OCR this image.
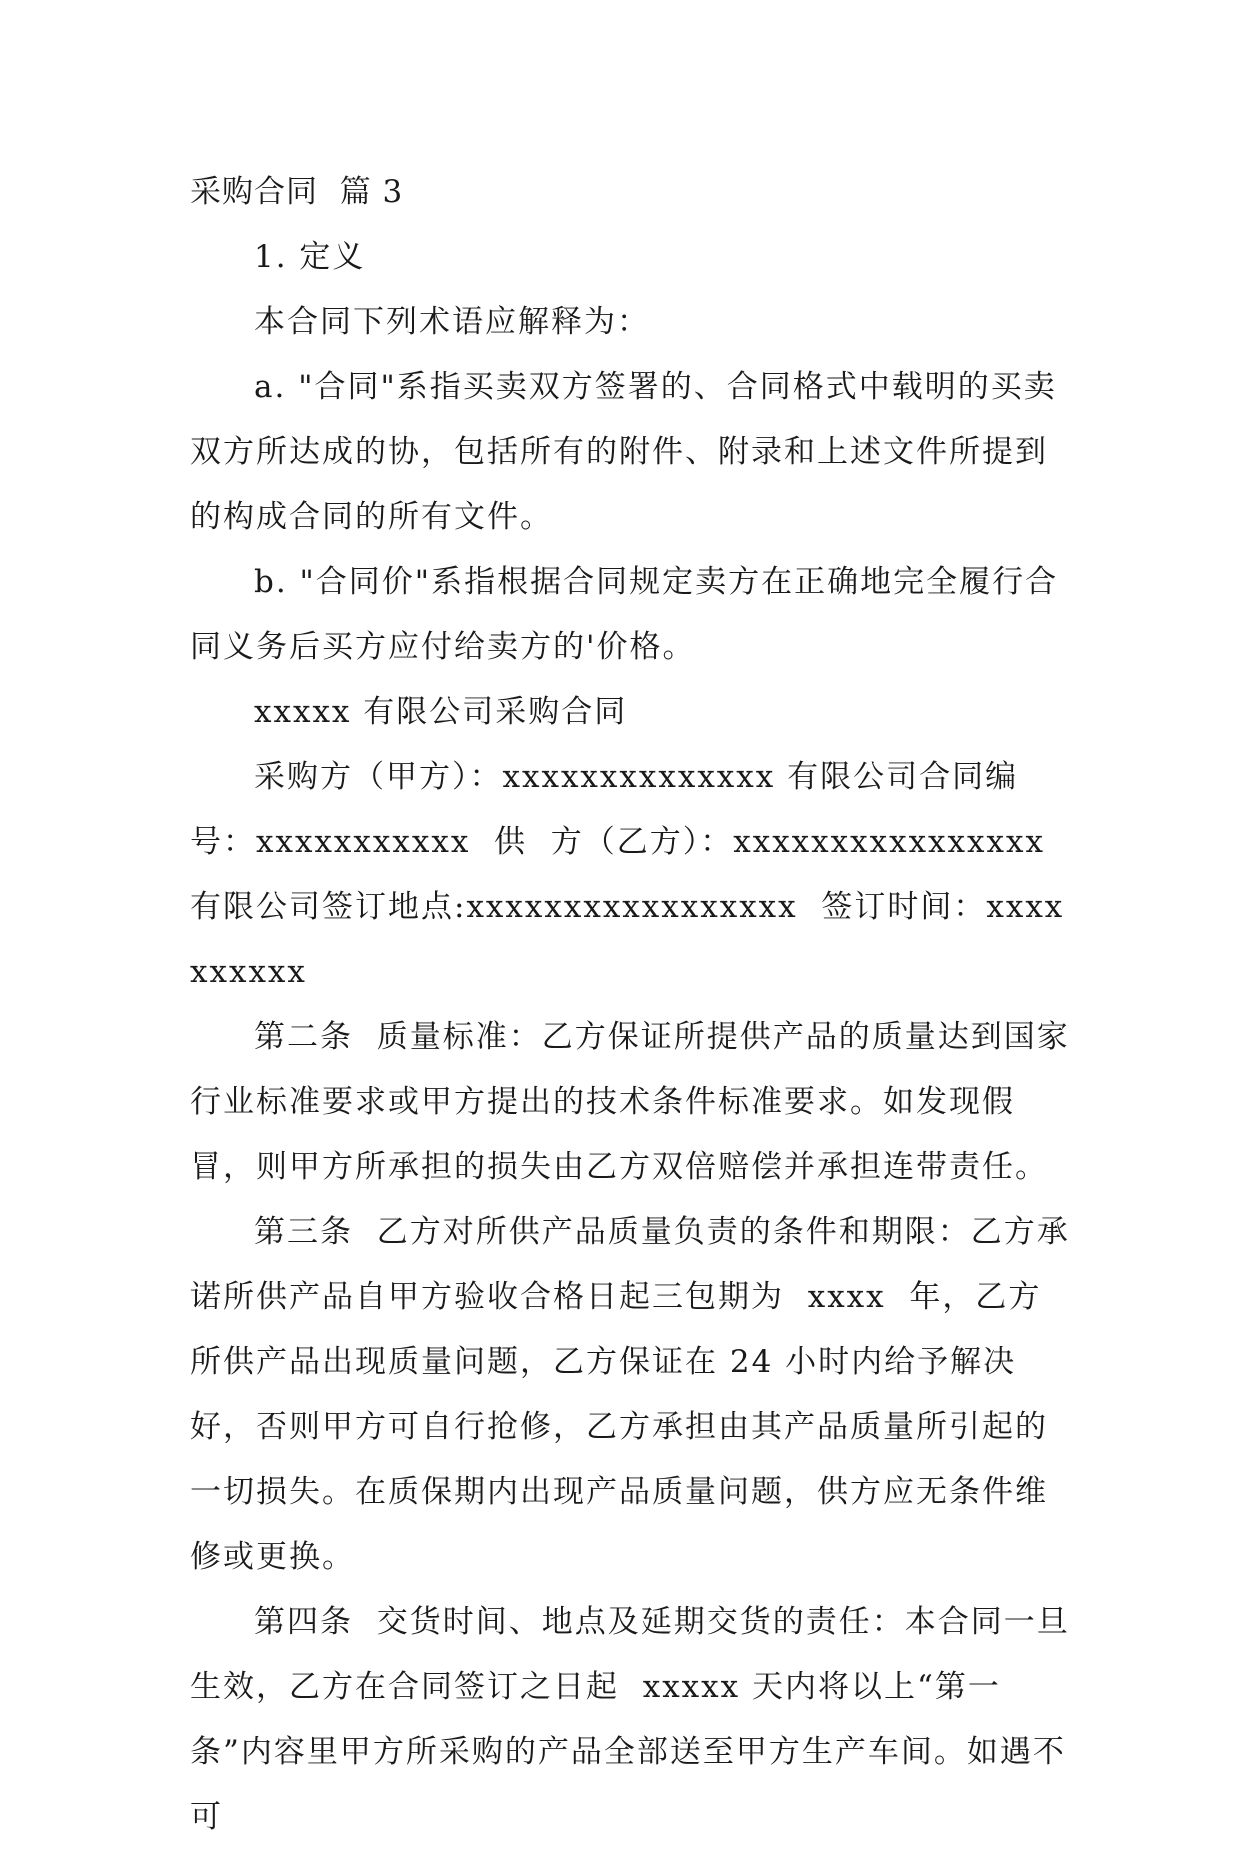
采购合同  篇 3

1. 定义

本合同下列术语应解释为：

a. "合同"系指买卖双方签署的、合同格式中载明的买卖双方所达成的协，包括所有的附件、附录和上述文件所提到的构成合同的所有文件。

b. "合同价"系指根据合同规定卖方在正确地完全履行合同义务后买方应付给卖方的'价格。

xxxxx 有限公司采购合同

采购方（甲方）：xxxxxxxxxxxxxx 有限公司合同编号：xxxxxxxxxxx  供  方（乙方）：xxxxxxxxxxxxxxxx 有限公司签订地点:xxxxxxxxxxxxxxxxx  签订时间：xxxxxxxxxx

第二条  质量标准：乙方保证所提供产品的质量达到国家行业标准要求或甲方提出的技术条件标准要求。如发现假冒，则甲方所承担的损失由乙方双倍赔偿并承担连带责任。

第三条  乙方对所供产品质量负责的条件和期限：乙方承诺所供产品自甲方验收合格日起三包期为  xxxx  年，乙方所供产品出现质量问题，乙方保证在 24 小时内给予解决好，否则甲方可自行抢修，乙方承担由其产品质量所引起的一切损失。在质保期内出现产品质量问题，供方应无条件维修或更换。

第四条  交货时间、地点及延期交货的责任：本合同一旦生效，乙方在合同签订之日起  xxxxx 天内将以上“第一条”内容里甲方所采购的产品全部送至甲方生产车间。如遇不可
